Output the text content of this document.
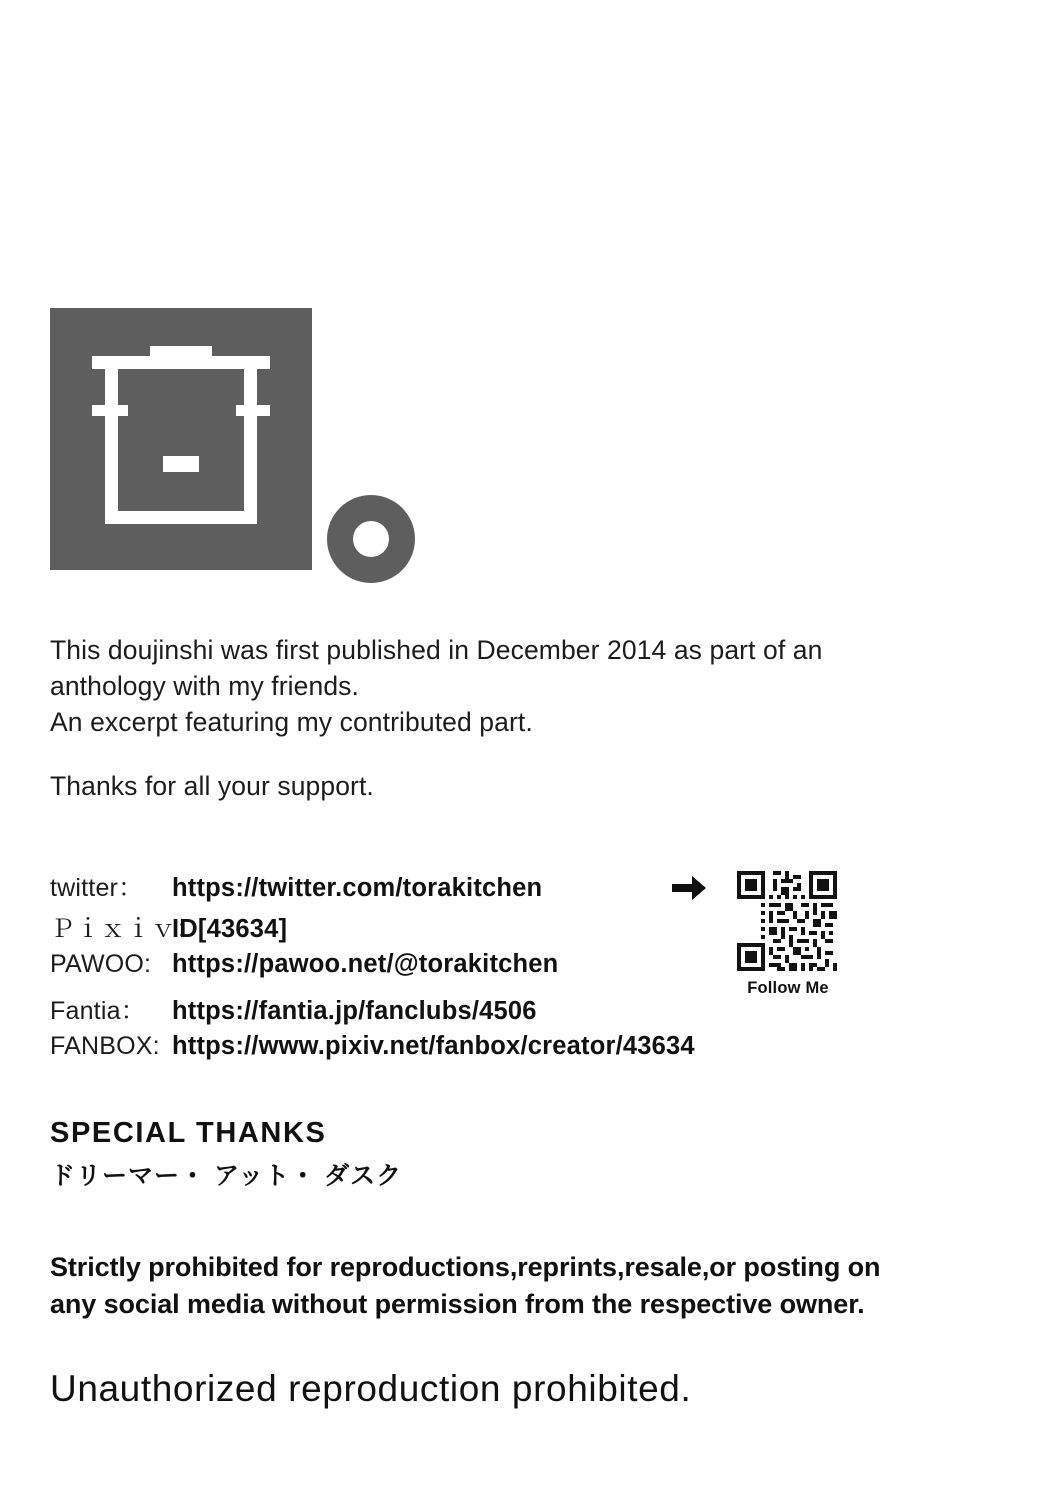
This doujinshi was first published in December 2014 as part of an
anthology with my friends.
An excerpt featuring my contributed part.
Thanks for all your support.
twitter：	https://twitter.com/torakitchen
Ｐｉｘｉｖ：
ID[43634]
PAWOO: https://pawoo.net/@torakitchen
Fantia：	https://fantia.jp/fanclubs/4506
FANBOX: https://www.pixiv.net/fanbox/creator/43634
Follow Me
SPECIAL THANKS
ドリーマー・ アット・ ダスク
Strictly prohibited for reproductions,reprints,resale,or posting on
any social media without permission from the respective owner.
Unauthorized reproduction prohibited.
